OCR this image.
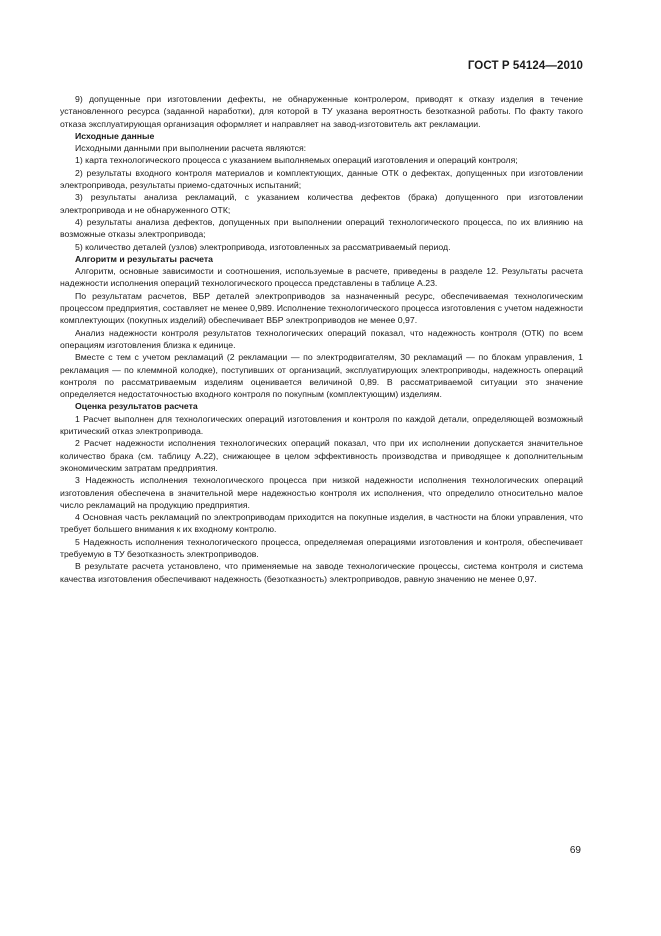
ГОСТ Р 54124—2010

9) допущенные при изготовлении дефекты, не обнаруженные контролером, приводят к отказу изделия в течение установленного ресурса (заданной наработки), для которой в ТУ указана вероятность безотказной работы. По факту такого отказа эксплуатирующая организация оформляет и направляет на завод-изготовитель акт рекламации.

Исходные данные

Исходными данными при выполнении расчета являются:

1) карта технологического процесса с указанием выполняемых операций изготовления и операций контроля;

2) результаты входного контроля материалов и комплектующих, данные ОТК о дефектах, допущенных при изготовлении электропривода, результаты приемо-сдаточных испытаний;

3) результаты анализа рекламаций, с указанием количества дефектов (брака) допущенного при изготовлении электропривода и не обнаруженного ОТК;

4) результаты анализа дефектов, допущенных при выполнении операций технологического процесса, по их влиянию на возможные отказы электропривода;

5) количество деталей (узлов) электропривода, изготовленных за рассматриваемый период.

Алгоритм и результаты расчета

Алгоритм, основные зависимости и соотношения, используемые в расчете, приведены в разделе 12. Результаты расчета надежности исполнения операций технологического процесса представлены в таблице А.23.

По результатам расчетов, ВБР деталей электроприводов за назначенный ресурс, обеспечиваемая технологическим процессом предприятия, составляет не менее 0,989. Исполнение технологического процесса изготовления с учетом надежности комплектующих (покупных изделий) обеспечивает ВБР электроприводов не менее 0,97.

Анализ надежности контроля результатов технологических операций показал, что надежность контроля (ОТК) по всем операциям изготовления близка к единице.

Вместе с тем с учетом рекламаций (2 рекламации — по электродвигателям, 30 рекламаций — по блокам управления, 1 рекламация — по клеммной колодке), поступивших от организаций, эксплуатирующих электроприводы, надежность операций контроля по рассматриваемым изделиям оценивается величиной 0,89. В рассматриваемой ситуации это значение определяется недостаточностью входного контроля по покупным (комплектующим) изделиям.

Оценка результатов расчета

1 Расчет выполнен для технологических операций изготовления и контроля по каждой детали, определяющей возможный критический отказ электропривода.

2 Расчет надежности исполнения технологических операций показал, что при их исполнении допускается значительное количество брака (см. таблицу А.22), снижающее в целом эффективность производства и приводящее к дополнительным экономическим затратам предприятия.

3 Надежность исполнения технологического процесса при низкой надежности исполнения технологических операций изготовления обеспечена в значительной мере надежностью контроля их исполнения, что определило относительно малое число рекламаций на продукцию предприятия.

4 Основная часть рекламаций по электроприводам приходится на покупные изделия, в частности на блоки управления, что требует большего внимания к их входному контролю.

5 Надежность исполнения технологического процесса, определяемая операциями изготовления и контроля, обеспечивает требуемую в ТУ безотказность электроприводов.

В результате расчета установлено, что применяемые на заводе технологические процессы, система контроля и система качества изготовления обеспечивают надежность (безотказность) электроприводов, равную значению не менее 0,97.

69
